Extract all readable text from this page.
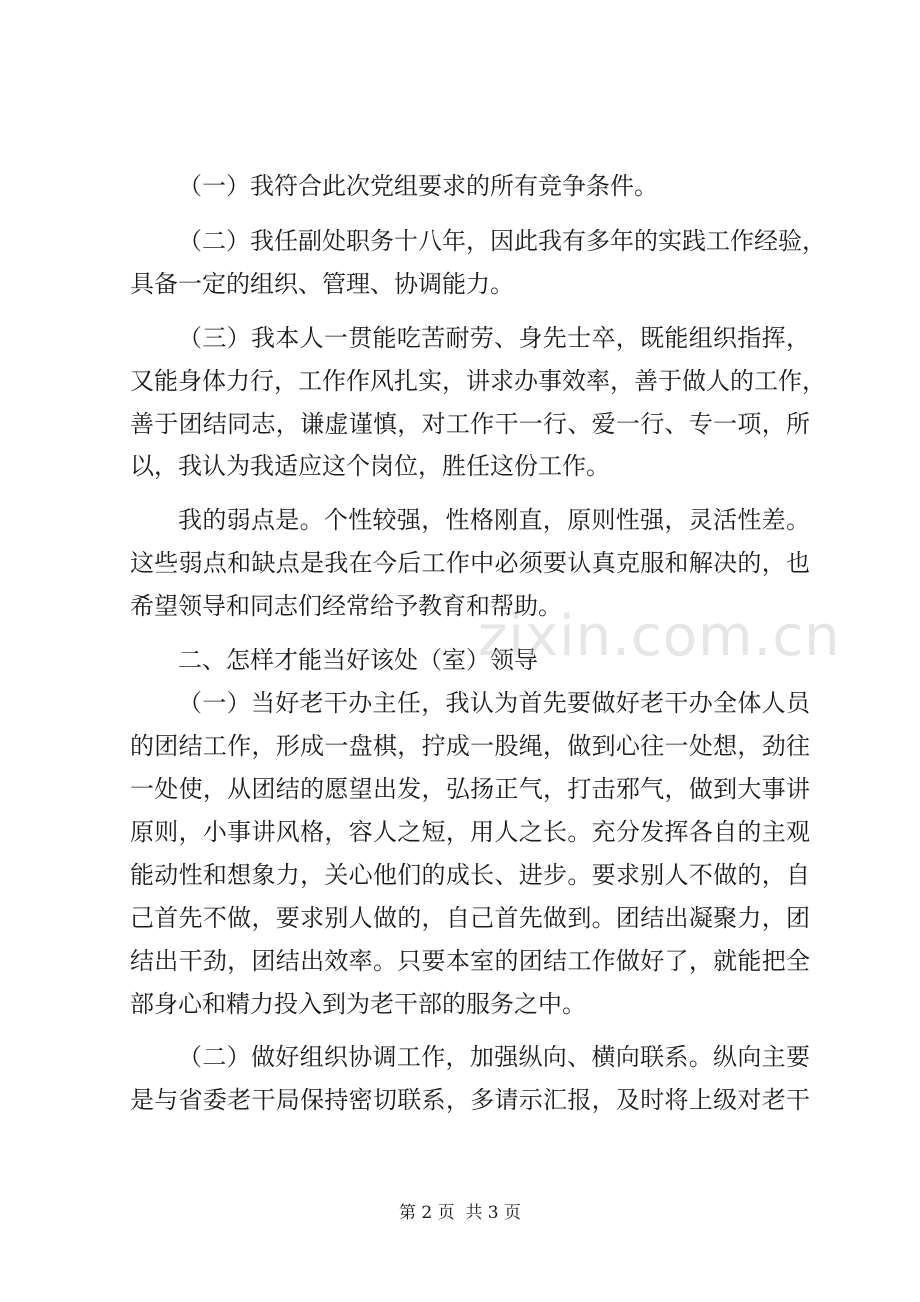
（一）我符合此次党组要求的所有竞争条件。
（二）我任副处职务十八年，因此我有多年的实践工作经验，
具备一定的组织、管理、协调能力。
（三）我本人一贯能吃苦耐劳、身先士卒，既能组织指挥，
又能身体力行，工作作风扎实，讲求办事效率，善于做人的工作，
善于团结同志，谦虚谨慎，对工作干一行、爱一行、专一项，所
以，我认为我适应这个岗位，胜任这份工作。
我的弱点是。个性较强，性格刚直，原则性强，灵活性差。
这些弱点和缺点是我在今后工作中必须要认真克服和解决的，也
希望领导和同志们经常给予教育和帮助。
二、怎样才能当好该处（室）领导
（一）当好老干办主任，我认为首先要做好老干办全体人员
的团结工作，形成一盘棋，拧成一股绳，做到心往一处想，劲往
一处使，从团结的愿望出发，弘扬正气，打击邪气，做到大事讲
原则，小事讲风格，容人之短，用人之长。充分发挥各自的主观
能动性和想象力，关心他们的成长、进步。要求别人不做的，自
己首先不做，要求别人做的，自己首先做到。团结出凝聚力，团
结出干劲，团结出效率。只要本室的团结工作做好了，就能把全
部身心和精力投入到为老干部的服务之中。
（二）做好组织协调工作，加强纵向、横向联系。纵向主要
是与省委老干局保持密切联系，多请示汇报，及时将上级对老干
zixin.com.cn
第 2 页  共 3 页
